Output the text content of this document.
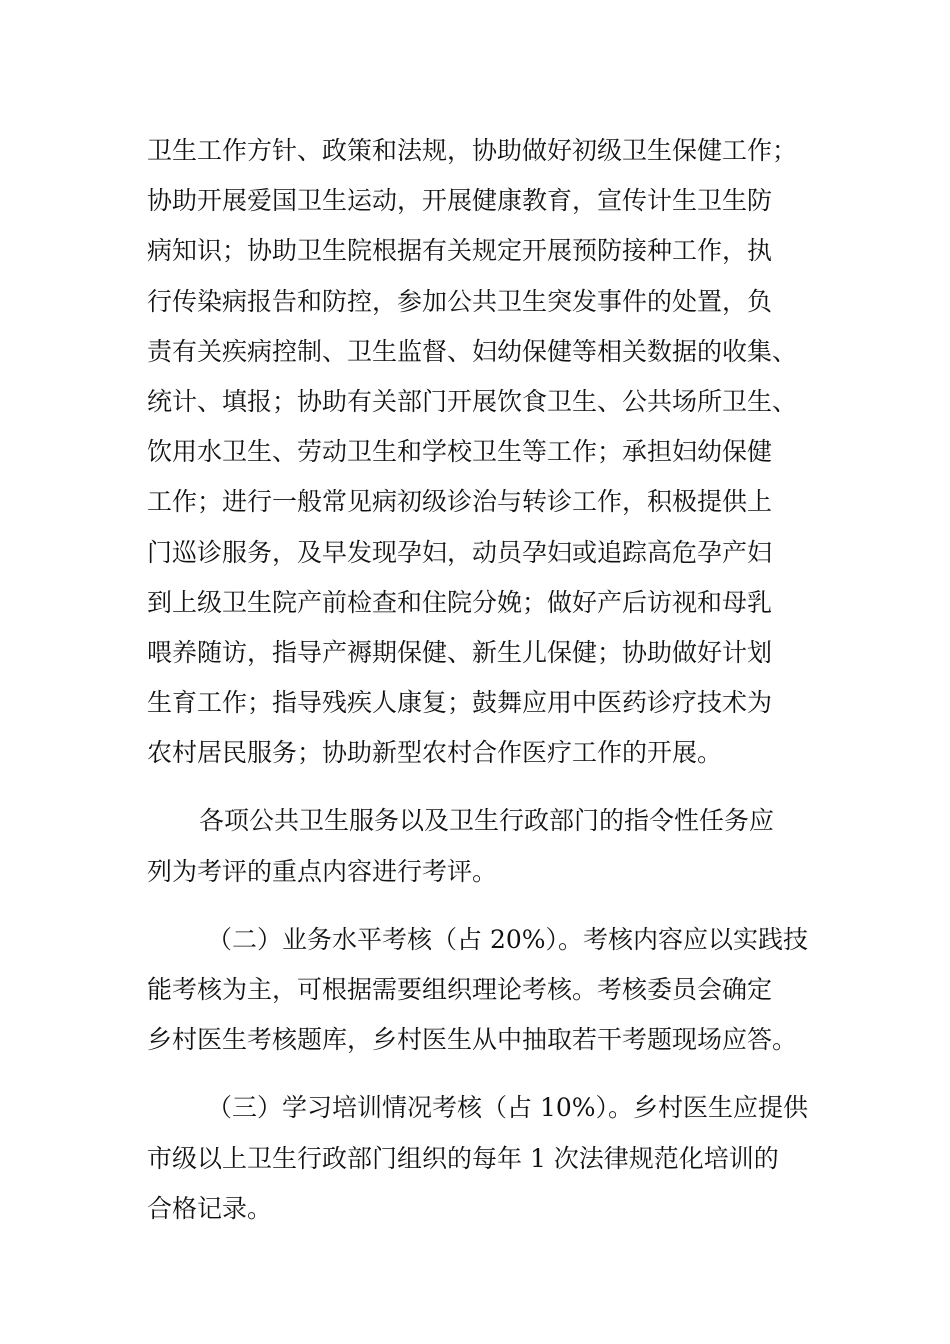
卫生工作方针、政策和法规，协助做好初级卫生保健工作；
协助开展爱国卫生运动，开展健康教育，宣传计生卫生防
病知识；协助卫生院根据有关规定开展预防接种工作，执
行传染病报告和防控，参加公共卫生突发事件的处置，负
责有关疾病控制、卫生监督、妇幼保健等相关数据的收集、
统计、填报；协助有关部门开展饮食卫生、公共场所卫生、
饮用水卫生、劳动卫生和学校卫生等工作；承担妇幼保健
工作；进行一般常见病初级诊治与转诊工作，积极提供上
门巡诊服务，及早发现孕妇，动员孕妇或追踪高危孕产妇
到上级卫生院产前检查和住院分娩；做好产后访视和母乳
喂养随访，指导产褥期保健、新生儿保健；协助做好计划
生育工作；指导残疾人康复；鼓舞应用中医药诊疗技术为
农村居民服务；协助新型农村合作医疗工作的开展。
各项公共卫生服务以及卫生行政部门的指令性任务应
列为考评的重点内容进行考评。
（二）业务水平考核（占 20%）。考核内容应以实践技
能考核为主，可根据需要组织理论考核。考核委员会确定
乡村医生考核题库，乡村医生从中抽取若干考题现场应答。
（三）学习培训情况考核（占 10%）。乡村医生应提供
市级以上卫生行政部门组织的每年 1 次法律规范化培训的
合格记录。
